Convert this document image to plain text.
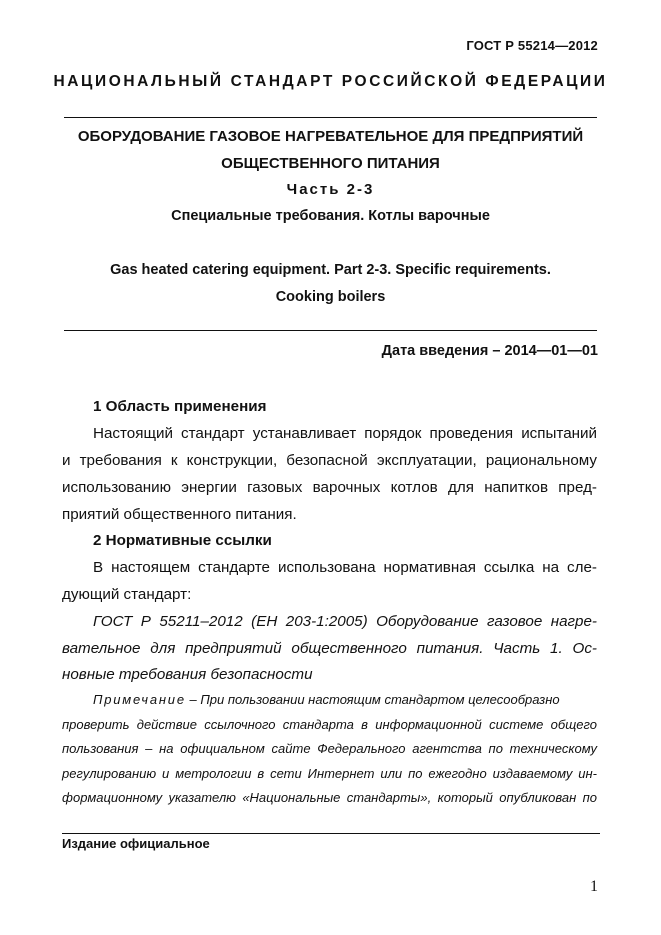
ГОСТ Р 55214—2012
НАЦИОНАЛЬНЫЙ СТАНДАРТ РОССИЙСКОЙ ФЕДЕРАЦИИ
ОБОРУДОВАНИЕ ГАЗОВОЕ НАГРЕВАТЕЛЬНОЕ ДЛЯ ПРЕДПРИЯТИЙ
ОБЩЕСТВЕННОГО ПИТАНИЯ
Часть 2-3
Специальные требования. Котлы варочные
Gas heated catering equipment. Part 2-3. Specific requirements.
Cooking boilers
Дата введения – 2014—01—01
1 Область применения
Настоящий стандарт устанавливает порядок проведения испытаний
и требования к конструкции, безопасной эксплуатации, рациональному
использованию энергии газовых варочных котлов для напитков пред-
приятий общественного питания.
2 Нормативные ссылки
В настоящем стандарте использована нормативная ссылка на сле-
дующий стандарт:
ГОСТ Р 55211–2012 (ЕН 203-1:2005) Оборудование газовое нагре-
вательное для предприятий общественного питания. Часть 1. Ос-
новные требования безопасности
Примечание – При пользовании настоящим стандартом целесообразно
проверить действие ссылочного стандарта в информационной системе общего
пользования – на официальном сайте Федерального агентства по техническому
регулированию и метрологии в сети Интернет или по ежегодно издаваемому ин-
формационному указателю «Национальные стандарты», который опубликован по
Издание официальное
1
